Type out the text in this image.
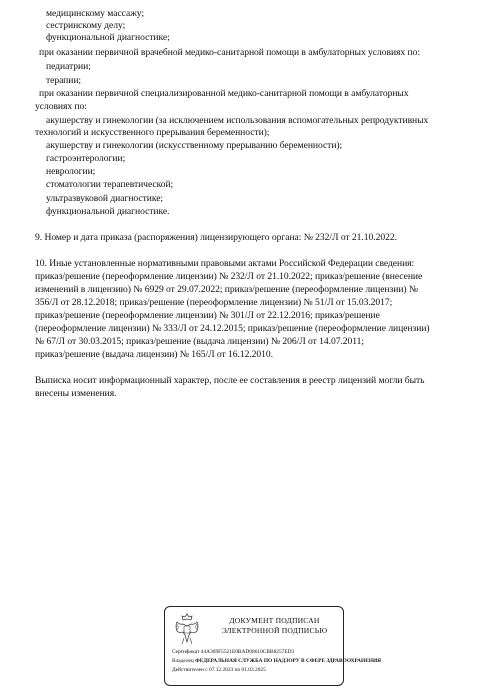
медицинскому массажу;
сестринскому делу;
функциональной диагностике;
при оказании первичной врачебной медико-санитарной помощи в амбулаторных условиях по:
педиатрии;
терапии;
при оказании первичной специализированной медико-санитарной помощи в амбулаторных
условиях по:
акушерству и гинекологии (за исключением использования вспомогательных репродуктивных
технологий и искусственного прерывания беременности);
акушерству и гинекологии (искусственному прерыванию беременности);
гастроэнтерологии;
неврологии;
стоматологии терапевтической;
ультразвуковой диагностике;
функциональной диагностике.
9. Номер и дата приказа (распоряжения) лицензирующего органа: № 232/Л от 21.10.2022.
10. Иные установленные нормативными правовыми актами Российской Федерации сведения:
приказ/решение (переоформление лицензии) № 232/Л от 21.10.2022; приказ/решение (внесение
изменений в лицензию) № 6929 от 29.07.2022; приказ/решение (переоформление лицензии) №
356/Л от 28.12.2018; приказ/решение (переоформление лицензии) № 51/Л от 15.03.2017;
приказ/решение (переоформление лицензии) № 301/Л от 22.12.2016; приказ/решение
(переоформление лицензии) № 333/Л от 24.12.2015; приказ/решение (переоформление лицензии)
№ 67/Л от 30.03.2015; приказ/решение (выдача лицензии) № 206/Л от 14.07.2011;
приказ/решение (выдача лицензии) № 165/Л от 16.12.2010.
Выписка носит информационный характер, после ее составления в реестр лицензий могли быть
внесены изменения.
ДОКУМЕНТ ПОДПИСАН
ЭЛЕКТРОННОЙ ПОДПИСЬЮ
Сертификат 44A369F5521E0BAD08610CBB8257ED3
Владелец ФЕДЕРАЛЬНАЯ СЛУЖБА ПО НАДЗОРУ В СФЕРЕ ЗДРАВООХРАНЕНИЯ
Действителен с 07.12.2023 по 01.03.2025
